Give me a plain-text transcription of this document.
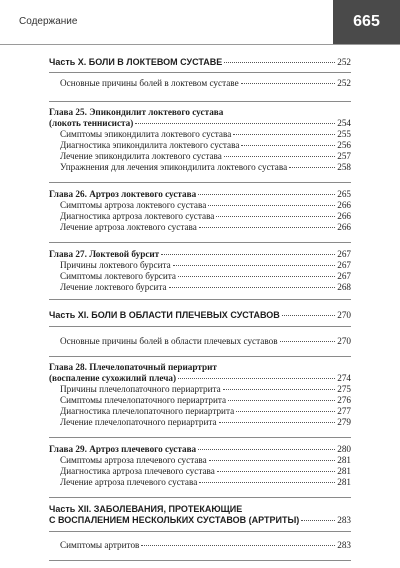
Содержание	665
Часть X. БОЛИ В ЛОКТЕВОМ СУСТАВЕ	252
Основные причины болей в локтевом суставе	252
Глава 25. Эпикондилит локтевого сустава
(локоть теннисиста)	254
Симптомы эпикондилита локтевого сустава	255
Диагностика эпикондилита локтевого сустава	256
Лечение эпикондилита локтевого сустава	257
Упражнения для лечения эпикондилита локтевого сустава	258
Глава 26. Артроз локтевого сустава	265
Симптомы артроза локтевого сустава	266
Диагностика артроза локтевого сустава	266
Лечение артроза локтевого сустава	266
Глава 27. Локтевой бурсит	267
Причины локтевого бурсита	267
Симптомы локтевого бурсита	267
Лечение локтевого бурсита	268
Часть XI. БОЛИ В ОБЛАСТИ ПЛЕЧЕВЫХ СУСТАВОВ	270
Основные причины болей в области плечевых суставов	270
Глава 28. Плечелопаточный периартрит
(воспаление сухожилий плеча)	274
Причины плечелопаточного периартрита	275
Симптомы плечелопаточного периартрита	276
Диагностика плечелопаточного периартрита	277
Лечение плечелопаточного периартрита	279
Глава 29. Артроз плечевого сустава	280
Симптомы артроза плечевого сустава	281
Диагностика артроза плечевого сустава	281
Лечение артроза плечевого сустава	281
Часть XII. ЗАБОЛЕВАНИЯ, ПРОТЕКАЮЩИЕ
С ВОСПАЛЕНИЕМ НЕСКОЛЬКИХ СУСТАВОВ (АРТРИТЫ)	283
Симптомы артритов	283
